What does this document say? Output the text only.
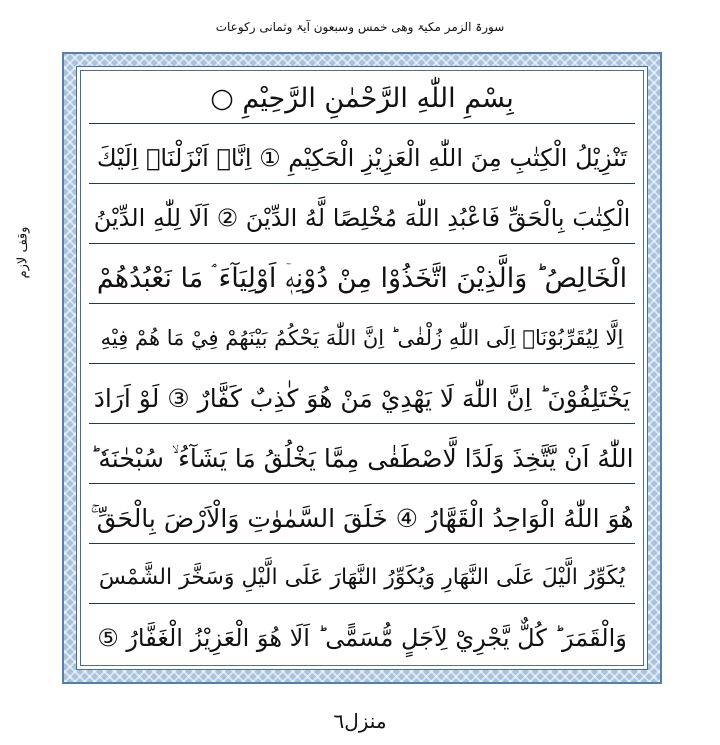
سورۃ الزمر مکیۃ وھی خمس وسبعون آیۃ وثمانی رکوعات
وقف لازم
بِسْمِ اللّٰهِ الرَّحْمٰنِ الرَّحِيْمِ ○
تَنْزِيْلُ الْكِتٰبِ مِنَ اللّٰهِ الْعَزِيْزِ الْحَكِيْمِ ① اِنَّاۤ اَنْزَلْنَاۤ اِلَيْكَ
الْكِتٰبَ بِالْحَقِّ فَاعْبُدِ اللّٰهَ مُخْلِصًا لَّهُ الدِّيْنَ ② اَلَا لِلّٰهِ الدِّيْنُ
الْخَالِصُ ؕ وَالَّذِيْنَ اتَّخَذُوْا مِنْ دُوْنِهٖۤ اَوْلِيَآءَ ۘ مَا نَعْبُدُهُمْ
اِلَّا لِيُقَرِّبُوْنَاۤ اِلَى اللّٰهِ زُلْفٰى ؕ اِنَّ اللّٰهَ يَحْكُمُ بَيْنَهُمْ فِيْ مَا هُمْ فِيْهِ
يَخْتَلِفُوْنَ ؕ اِنَّ اللّٰهَ لَا يَهْدِيْ مَنْ هُوَ كٰذِبٌ كَفَّارٌ ③ لَوْ اَرَادَ
اللّٰهُ اَنْ يَّتَّخِذَ وَلَدًا لَّاصْطَفٰى مِمَّا يَخْلُقُ مَا يَشَآءُ ۙ سُبْحٰنَهٗ ؕ
هُوَ اللّٰهُ الْوَاحِدُ الْقَهَّارُ ④ خَلَقَ السَّمٰوٰتِ وَالْاَرْضَ بِالْحَقِّ ۚ
يُكَوِّرُ الَّيْلَ عَلَى النَّهَارِ وَيُكَوِّرُ النَّهَارَ عَلَى الَّيْلِ وَسَخَّرَ الشَّمْسَ
وَالْقَمَرَ ؕ كُلٌّ يَّجْرِيْ لِاَجَلٍ مُّسَمًّى ؕ اَلَا هُوَ الْعَزِيْزُ الْغَفَّارُ ⑤
منزل٦
